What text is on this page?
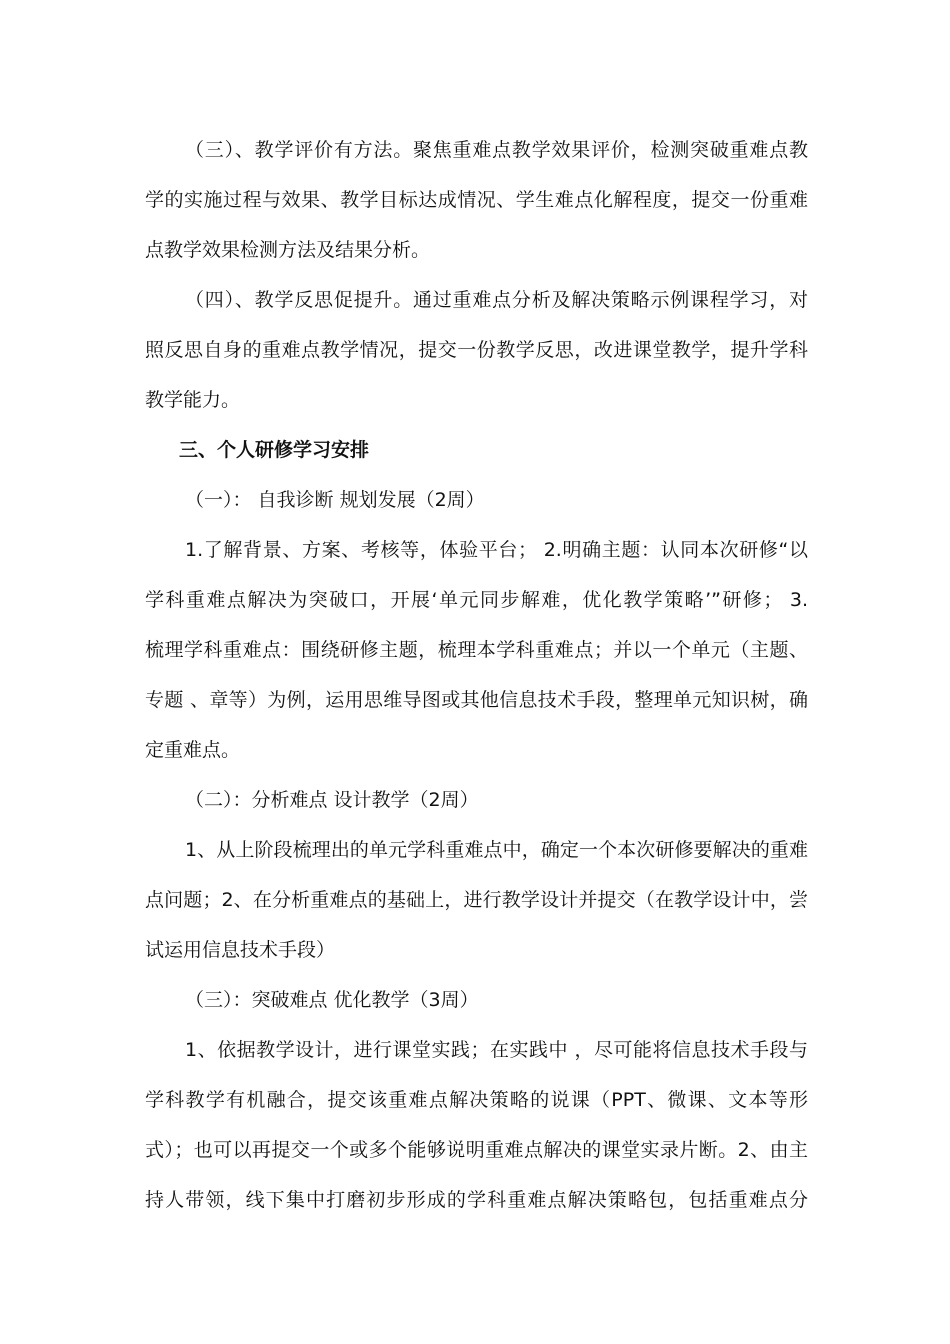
（三）、教学评价有方法。聚焦重难点教学效果评价，检测突破重难点教
学的实施过程与效果、教学目标达成情况、学生难点化解程度，提交一份重难
点教学效果检测方法及结果分析。
（四）、教学反思促提升。通过重难点分析及解决策略示例课程学习，对
照反思自身的重难点教学情况，提交一份教学反思，改进课堂教学，提升学科
教学能力。
三、个人研修学习安排
（一）： 自我诊断 规划发展（2周）
1.了解背景、方案、考核等，体验平台； 2.明确主题：认同本次研修“以
学科重难点解决为突破口，开展‘单元同步解难，优化教学策略’”研修； 3.
梳理学科重难点：围绕研修主题，梳理本学科重难点；并以一个单元（主题、
专题 、章等）为例，运用思维导图或其他信息技术手段，整理单元知识树，确
定重难点。
（二）：分析难点 设计教学（2周）
1、从上阶段梳理出的单元学科重难点中，确定一个本次研修要解决的重难
点问题；2、在分析重难点的基础上，进行教学设计并提交（在教学设计中，尝
试运用信息技术手段）
（三）：突破难点 优化教学（3周）
1、依据教学设计，进行课堂实践；在实践中 ，尽可能将信息技术手段与
学科教学有机融合，提交该重难点解决策略的说课（PPT、微课、文本等形
式）；也可以再提交一个或多个能够说明重难点解决的课堂实录片断。2、由主
持人带领，线下集中打磨初步形成的学科重难点解决策略包，包括重难点分
